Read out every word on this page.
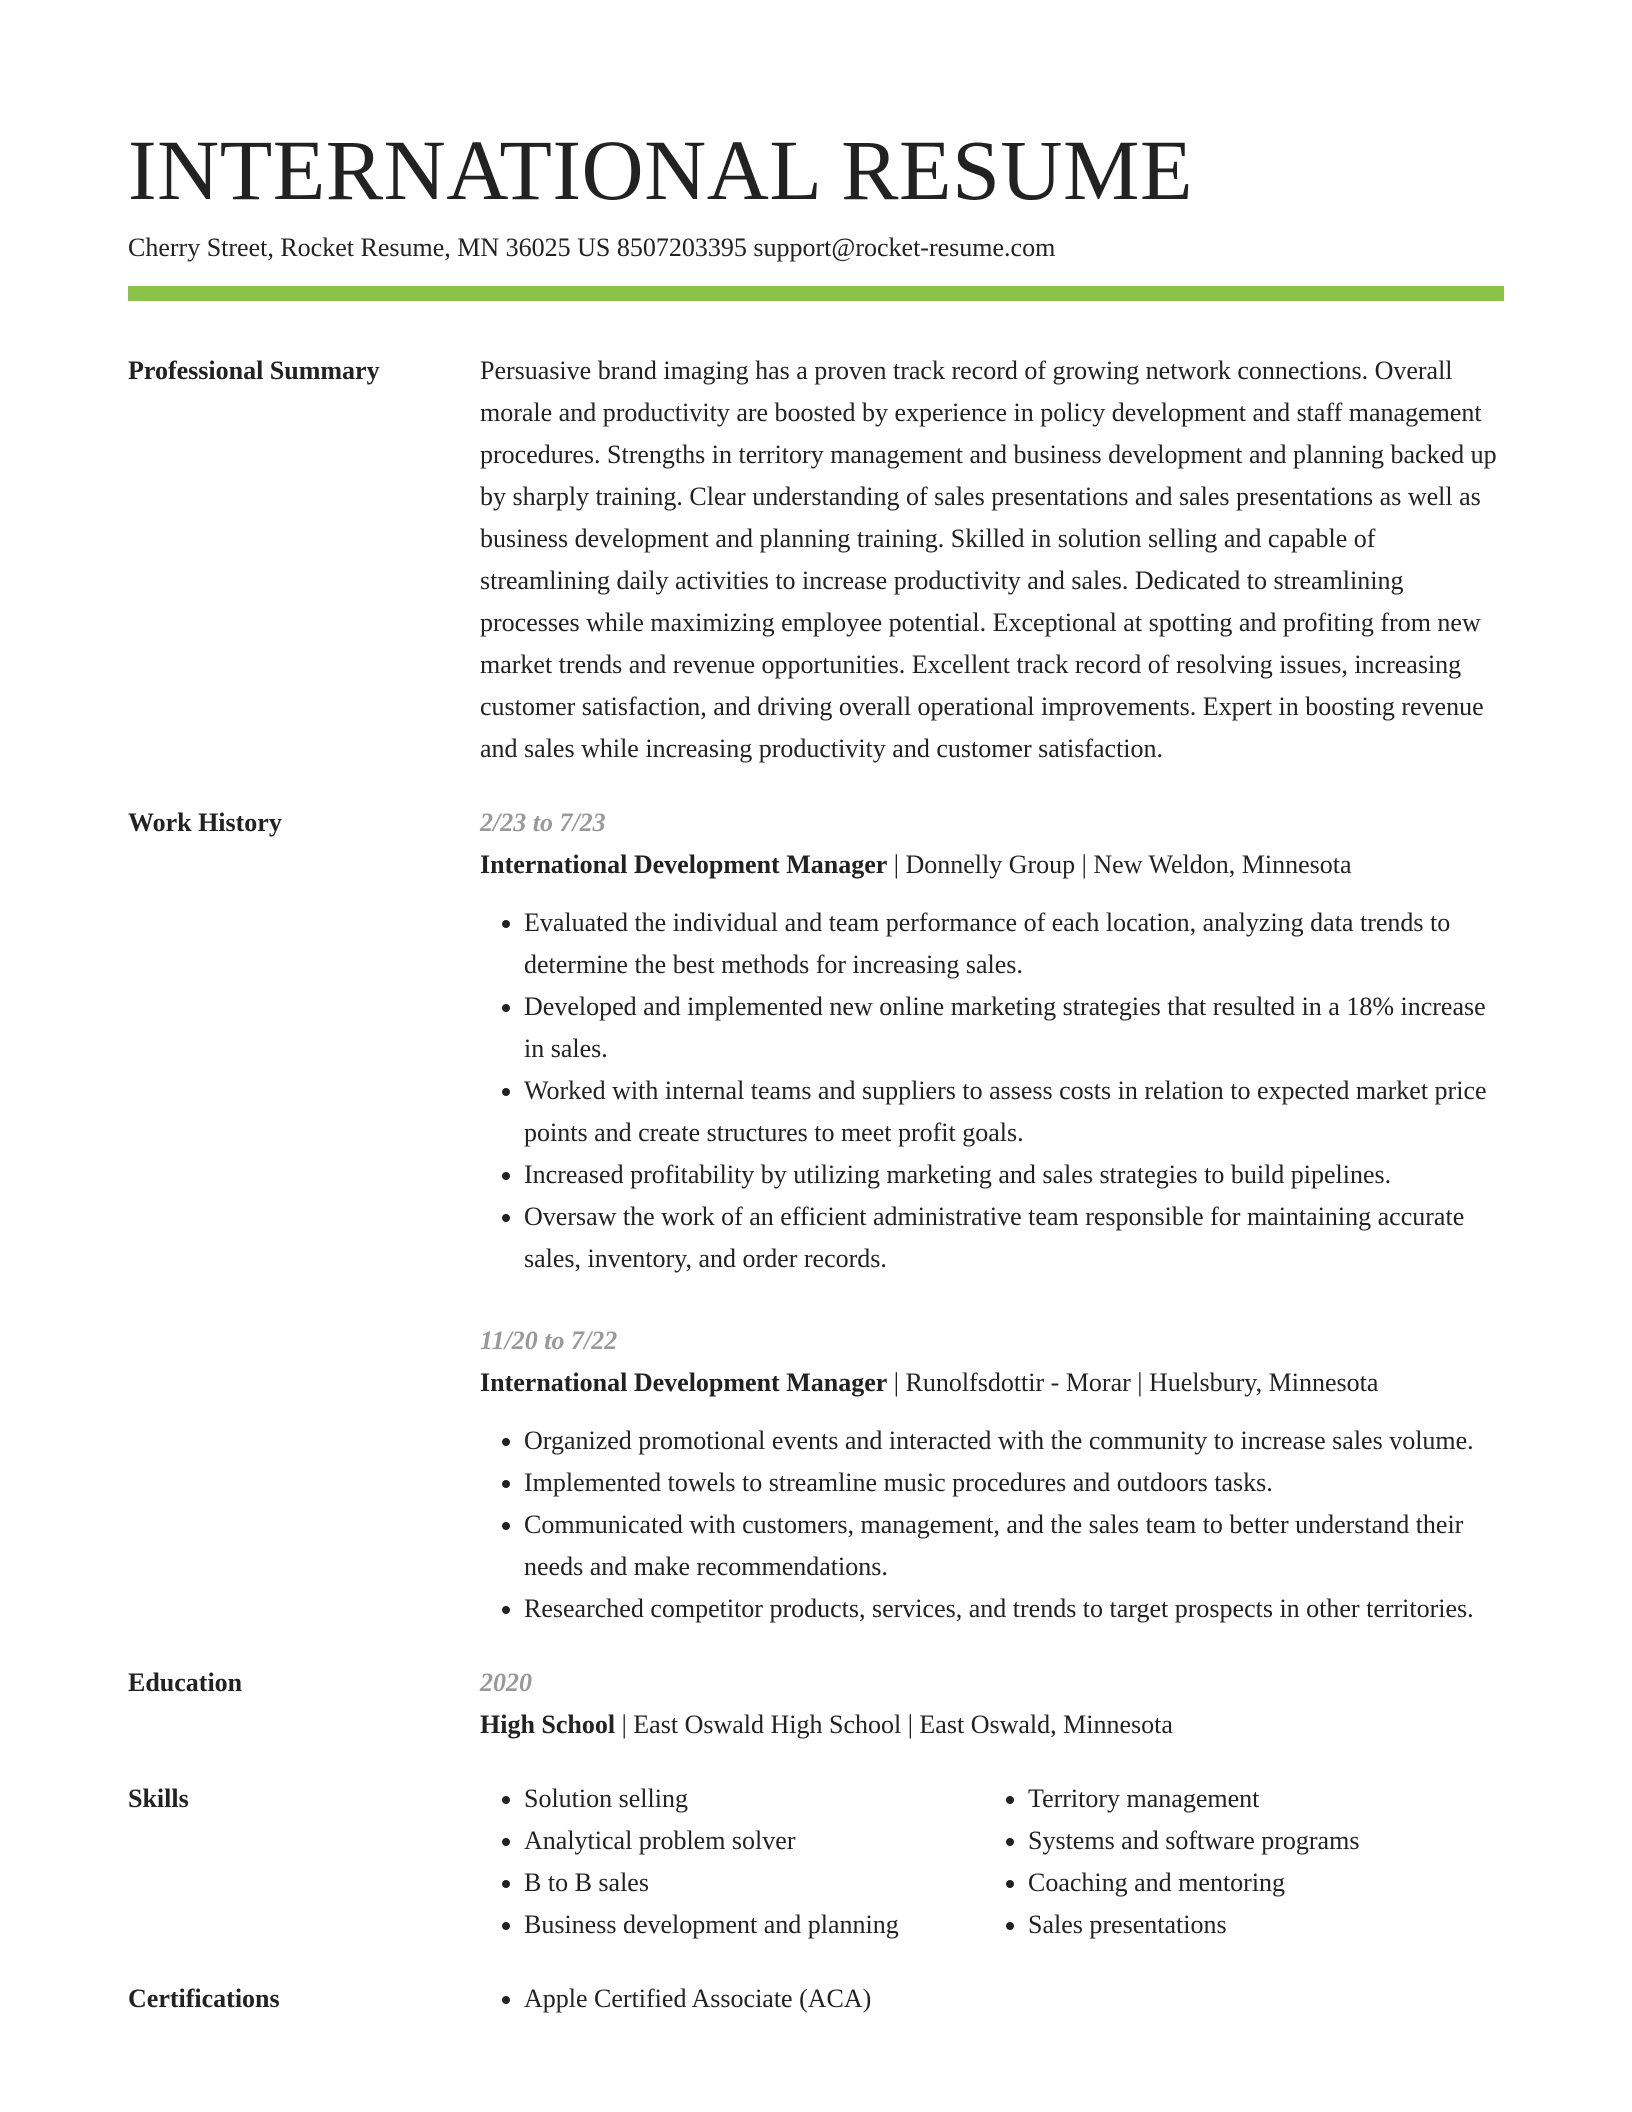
INTERNATIONAL RESUME
Cherry Street, Rocket Resume, MN 36025 US 8507203395 support@rocket-resume.com
Professional Summary	Persuasive brand imaging has a proven track record of growing network connections. Overall morale and productivity are boosted by experience in policy development and staff management procedures. Strengths in territory management and business development and planning backed up by sharply training. Clear understanding of sales presentations and sales presentations as well as business development and planning training. Skilled in solution selling and capable of streamlining daily activities to increase productivity and sales. Dedicated to streamlining processes while maximizing employee potential. Exceptional at spotting and profiting from new market trends and revenue opportunities. Excellent track record of resolving issues, increasing customer satisfaction, and driving overall operational improvements. Expert in boosting revenue and sales while increasing productivity and customer satisfaction.

Work History	2/23 to 7/23
International Development Manager | Donnelly Group | New Weldon, Minnesota
• Evaluated the individual and team performance of each location, analyzing data trends to determine the best methods for increasing sales.
• Developed and implemented new online marketing strategies that resulted in a 18% increase in sales.
• Worked with internal teams and suppliers to assess costs in relation to expected market price points and create structures to meet profit goals.
• Increased profitability by utilizing marketing and sales strategies to build pipelines.
• Oversaw the work of an efficient administrative team responsible for maintaining accurate sales, inventory, and order records.
11/20 to 7/22
International Development Manager | Runolfsdottir - Morar | Huelsbury, Minnesota
• Organized promotional events and interacted with the community to increase sales volume.
• Implemented towels to streamline music procedures and outdoors tasks.
• Communicated with customers, management, and the sales team to better understand their needs and make recommendations.
• Researched competitor products, services, and trends to target prospects in other territories.
Education	2020
High School | East Oswald High School | East Oswald, Minnesota
Skills	• Solution selling
• Analytical problem solver
• B to B sales
• Business development and planning
• Territory management
• Systems and software programs
• Coaching and mentoring
• Sales presentations
Certifications	• Apple Certified Associate (ACA)
